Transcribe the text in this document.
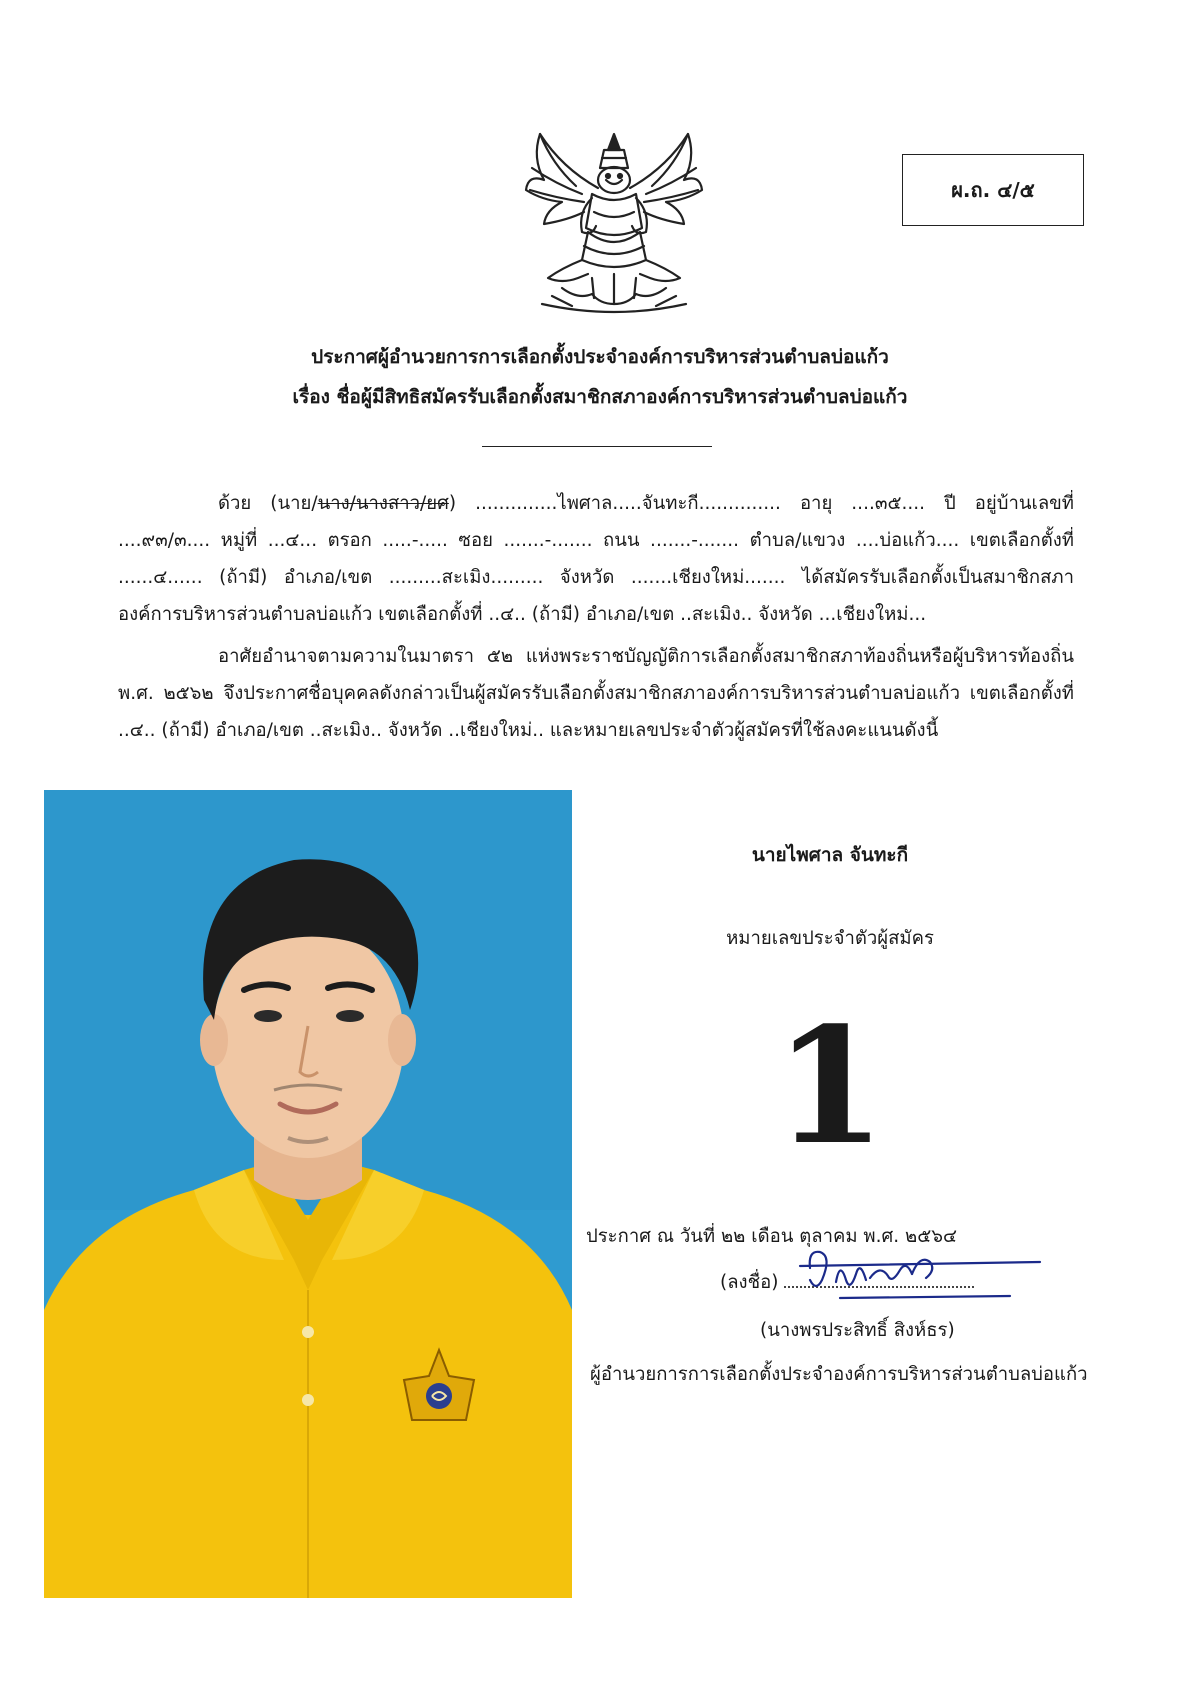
ผ.ถ. ๔/๕
ประกาศผู้อำนวยการการเลือกตั้งประจำองค์การบริหารส่วนตำบลบ่อแก้ว
เรื่อง ชื่อผู้มีสิทธิสมัครรับเลือกตั้งสมาชิกสภาองค์การบริหารส่วนตำบลบ่อแก้ว
ด้วย (นาย/นาง/นางสาว/ยศ) ..............ไพศาล.....จันทะกี.............. อายุ ....๓๕.... ปี อยู่บ้านเลขที่ ....๙๓/๓.... หมู่ที่ ...๔... ตรอก .....-..... ซอย .......-....... ถนน .......-....... ตำบล/แขวง ....บ่อแก้ว.... เขตเลือกตั้งที่ ......๔...... (ถ้ามี) อำเภอ/เขต .........สะเมิง......... จังหวัด .......เชียงใหม่....... ได้สมัครรับเลือกตั้งเป็นสมาชิกสภาองค์การบริหารส่วนตำบลบ่อแก้ว เขตเลือกตั้งที่ ..๔.. (ถ้ามี) อำเภอ/เขต ..สะเมิง.. จังหวัด ...เชียงใหม่...
อาศัยอำนาจตามความในมาตรา ๕๒ แห่งพระราชบัญญัติการเลือกตั้งสมาชิกสภาท้องถิ่นหรือผู้บริหารท้องถิ่น พ.ศ. ๒๕๖๒ จึงประกาศชื่อบุคคลดังกล่าวเป็นผู้สมัครรับเลือกตั้งสมาชิกสภาองค์การบริหารส่วนตำบลบ่อแก้ว เขตเลือกตั้งที่ ..๔.. (ถ้ามี) อำเภอ/เขต ..สะเมิง.. จังหวัด ..เชียงใหม่.. และหมายเลขประจำตัวผู้สมัครที่ใช้ลงคะแนนดังนี้
นายไพศาล จันทะกี
หมายเลขประจำตัวผู้สมัคร
1
ประกาศ ณ วันที่ ๒๒ เดือน ตุลาคม พ.ศ. ๒๕๖๔
(ลงชื่อ)
(นางพรประสิทธิ์ สิงห์ธร)
ผู้อำนวยการการเลือกตั้งประจำองค์การบริหารส่วนตำบลบ่อแก้ว
